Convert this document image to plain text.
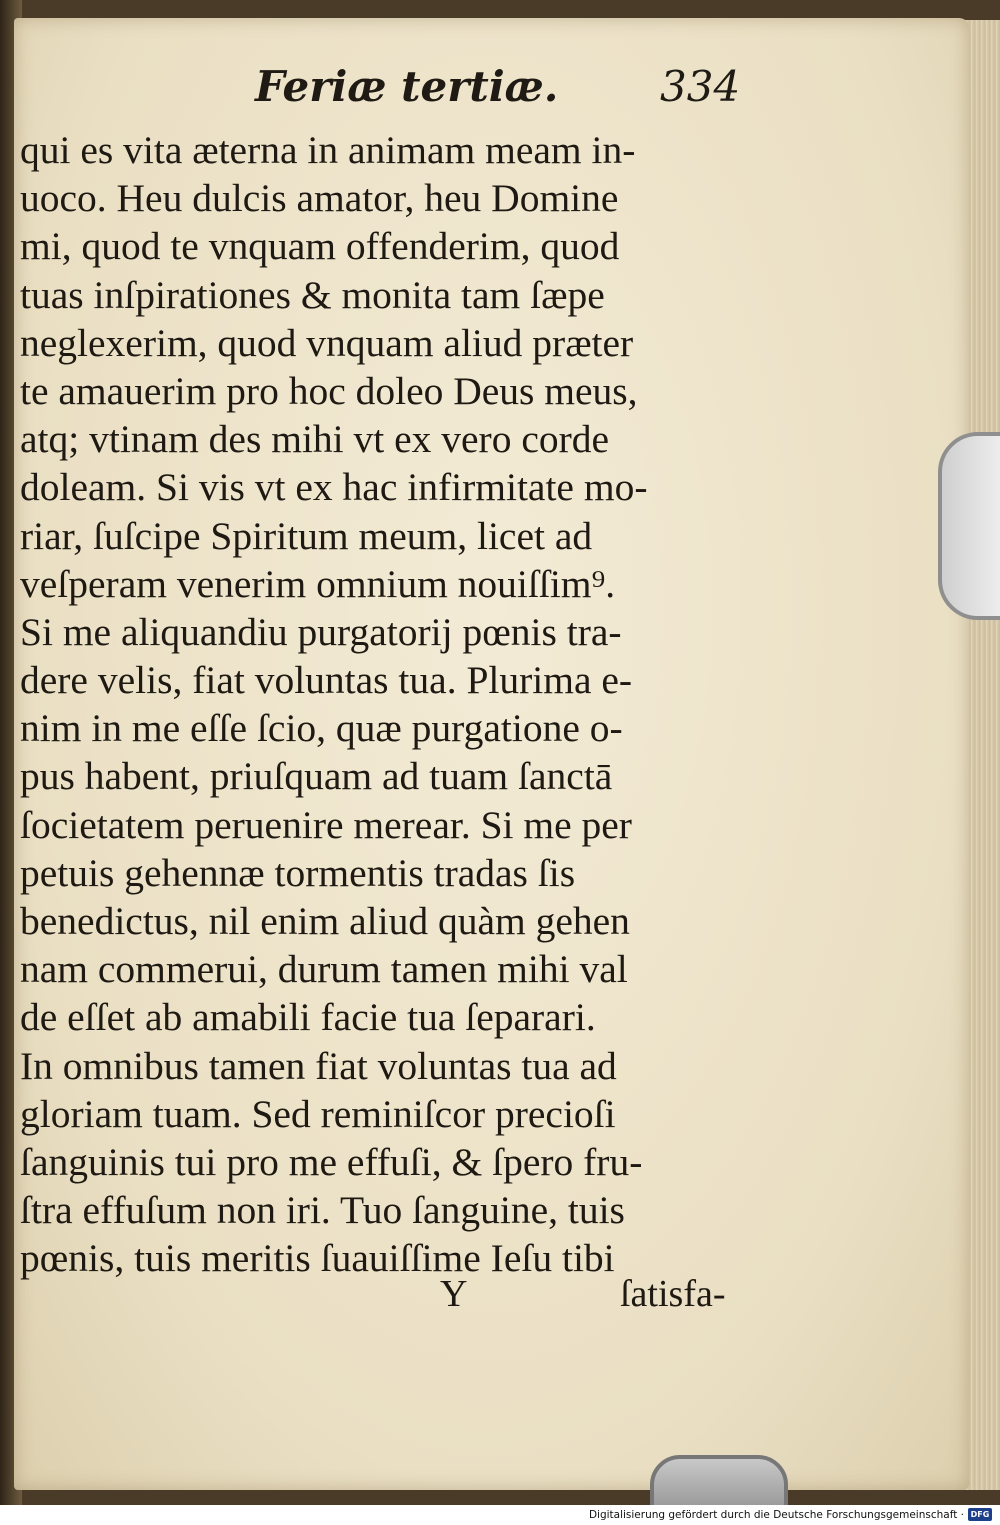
Feriæ tertiæ. 334
qui es vita æterna in animam meam in-
uoco. Heu dulcis amator, heu Domine
mi, quod te vnquam offenderim, quod
tuas inſpirationes & monita tam ſæpe
neglexerim, quod vnquam aliud præter
te amauerim pro hoc doleo Deus meus,
atq; vtinam des mihi vt ex vero corde
doleam. Si vis vt ex hac infirmitate mo-
riar, ſuſcipe Spiritum meum, licet ad
veſperam venerim omnium nouiſſim⁹.
Si me aliquandiu purgatorij pœnis tra-
dere velis, fiat voluntas tua. Plurima e-
nim in me eſſe ſcio, quæ purgatione o-
pus habent, priuſquam ad tuam ſanctā
ſocietatem peruenire merear. Si me per
petuis gehennæ tormentis tradas ſis
benedictus, nil enim aliud quàm gehen
nam commerui, durum tamen mihi val
de eſſet ab amabili facie tua ſeparari.
In omnibus tamen fiat voluntas tua ad
gloriam tuam. Sed reminiſcor precioſi
ſanguinis tui pro me effuſi, & ſpero fru-
ſtra effuſum non iri. Tuo ſanguine, tuis
pœnis, tuis meritis ſuauiſſime Ieſu tibi
Y	ſatisfa-
Digitalisierung gefördert durch die Deutsche Forschungsgemeinschaft · DFG
